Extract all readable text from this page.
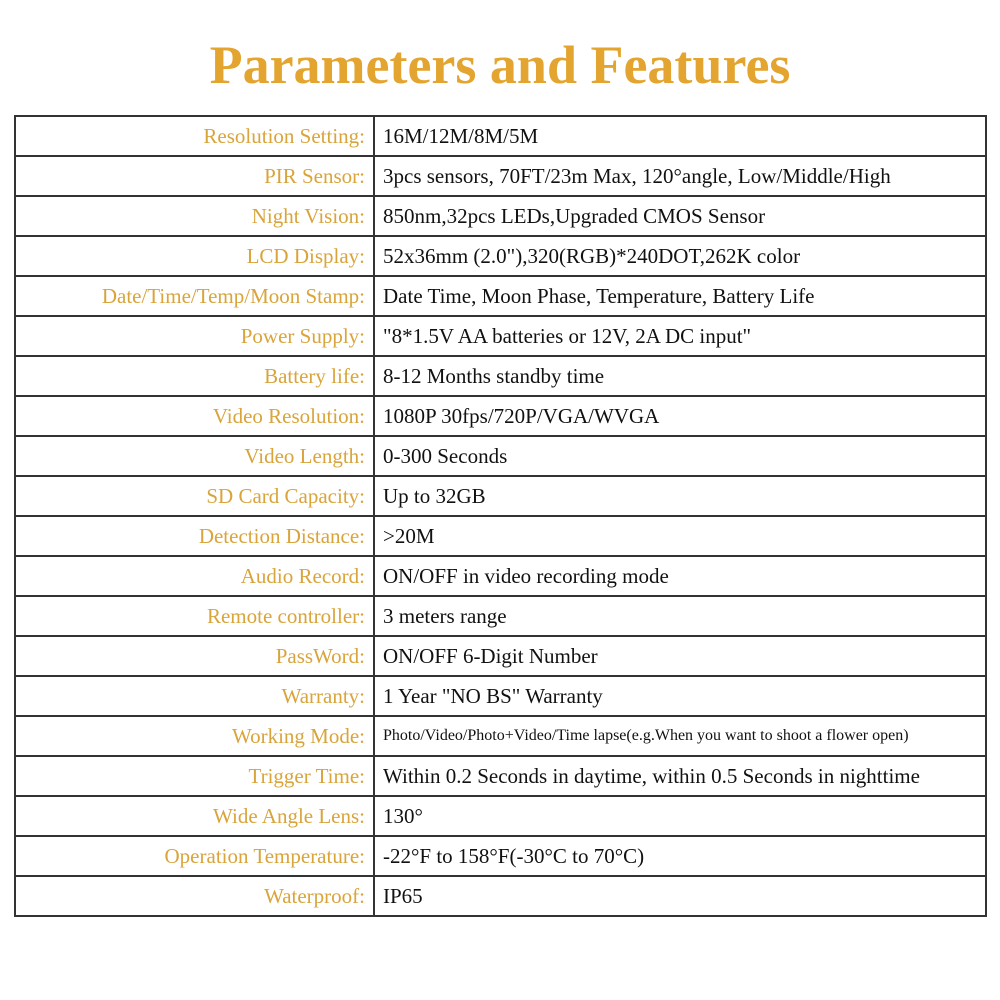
Parameters and Features
Resolution Setting:	16M/12M/8M/5M
PIR Sensor:	3pcs sensors, 70FT/23m Max, 120°angle, Low/Middle/High
Night Vision:	850nm,32pcs LEDs,Upgraded CMOS Sensor
LCD Display:	52x36mm (2.0"),320(RGB)*240DOT,262K color
Date/Time/Temp/Moon Stamp:	Date Time, Moon Phase, Temperature, Battery Life
Power Supply:	"8*1.5V AA batteries or 12V, 2A DC input"
Battery life:	8-12 Months standby time
Video Resolution:	1080P 30fps/720P/VGA/WVGA
Video Length:	0-300 Seconds
SD Card Capacity:	Up to 32GB
Detection Distance:	>20M
Audio Record:	ON/OFF in video recording mode
Remote controller:	3 meters range
PassWord:	ON/OFF 6-Digit Number
Warranty:	1 Year "NO BS" Warranty
Working Mode:	Photo/Video/Photo+Video/Time lapse(e.g.When you want to shoot a flower open)
Trigger Time:	Within 0.2 Seconds in daytime, within 0.5 Seconds in nighttime
Wide Angle Lens:	130°
Operation Temperature:	-22°F to 158°F(-30°C to 70°C)
Waterproof:	IP65
